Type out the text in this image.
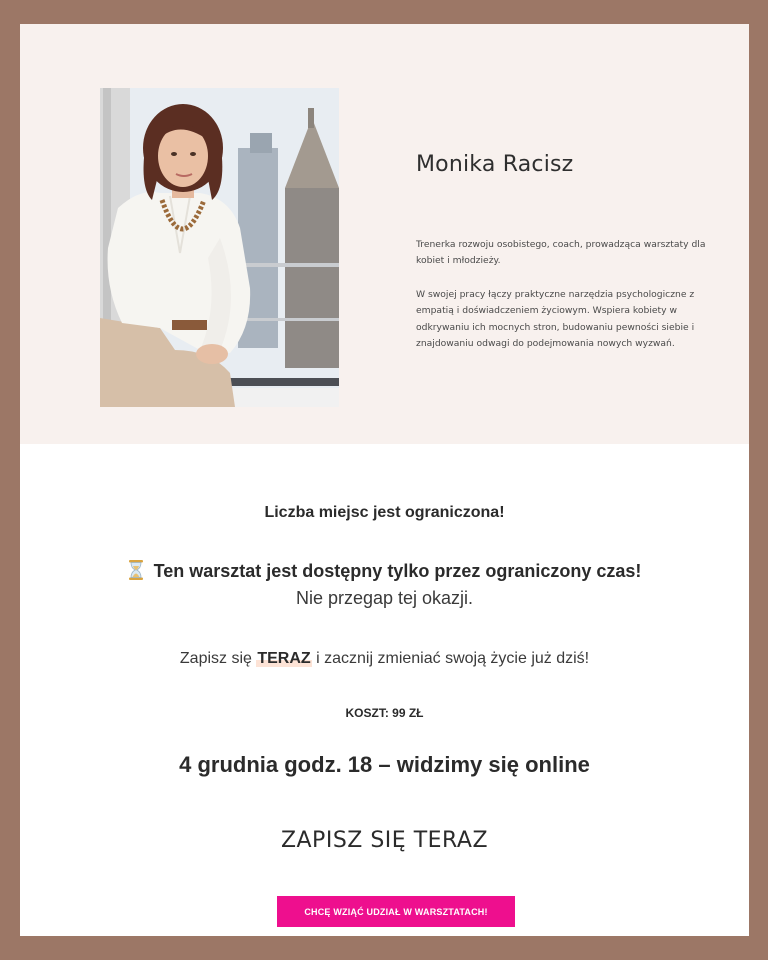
Monika Racisz

Trenerka rozwoju osobistego, coach, prowadząca warsztaty dla kobiet i młodzieży.

W swojej pracy łączy praktyczne narzędzia psychologiczne z empatią i doświadczeniem życiowym. Wspiera kobiety w odkrywaniu ich mocnych stron, budowaniu pewności siebie i znajdowaniu odwagi do podejmowania nowych wyzwań.

Liczba miejsc jest ograniczona!
Ten warsztat jest dostępny tylko przez ograniczony czas!
Nie przegap tej okazji.
Zapisz się TERAZ i zacznij zmieniać swoją życie już dziś!
KOSZT: 99 ZŁ
4 grudnia godz. 18 – widzimy się online
ZAPISZ SIĘ TERAZ
CHCĘ WZIĄĆ UDZIAŁ W WARSZTATACH!
